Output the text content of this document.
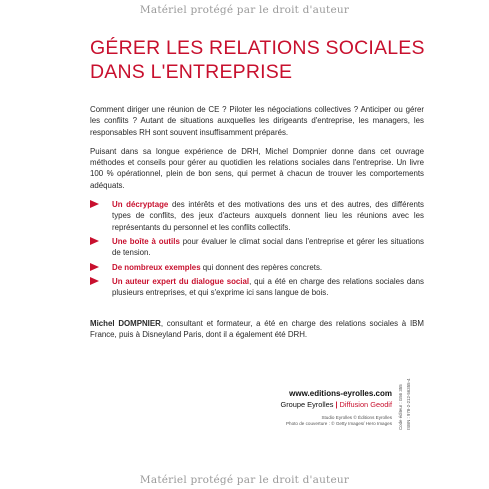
Matériel protégé par le droit d'auteur
GÉRER LES RELATIONS SOCIALES
DANS L'ENTREPRISE

Comment diriger une réunion de CE ? Piloter les négociations collectives ? Anticiper ou gérer les conflits ? Autant de situations auxquelles les dirigeants d'entreprise, les managers, les responsables RH sont souvent insuffisamment préparés.

Puisant dans sa longue expérience de DRH, Michel Dompnier donne dans cet ouvrage méthodes et conseils pour gérer au quotidien les relations sociales dans l'entreprise. Un livre 100 % opérationnel, plein de bon sens, qui permet à chacun de trouver les comportements adéquats.

Un décryptage des intérêts et des motivations des uns et des autres, des différents types de conflits, des jeux d'acteurs auxquels donnent lieu les réunions avec les représentants du personnel et les conflits collectifs.
Une boîte à outils pour évaluer le climat social dans l'entreprise et gérer les situations de tension.
De nombreux exemples qui donnent des repères concrets.
Un auteur expert du dialogue social, qui a été en charge des relations sociales dans plusieurs entreprises, et qui s'exprime ici sans langue de bois.
Michel DOMPNIER, consultant et formateur, a été en charge des relations sociales à IBM France, puis à Disneyland Paris, dont il a également été DRH.
www.editions-eyrolles.com
Groupe Eyrolles | Diffusion Geodif
Studio Eyrolles © Éditions Eyrolles
Photo de couverture : © Getty Images/ Hero Images Code éditeur : G56 355 ISBN : 978-2-212-56355-4
Matériel protégé par le droit d'auteur
